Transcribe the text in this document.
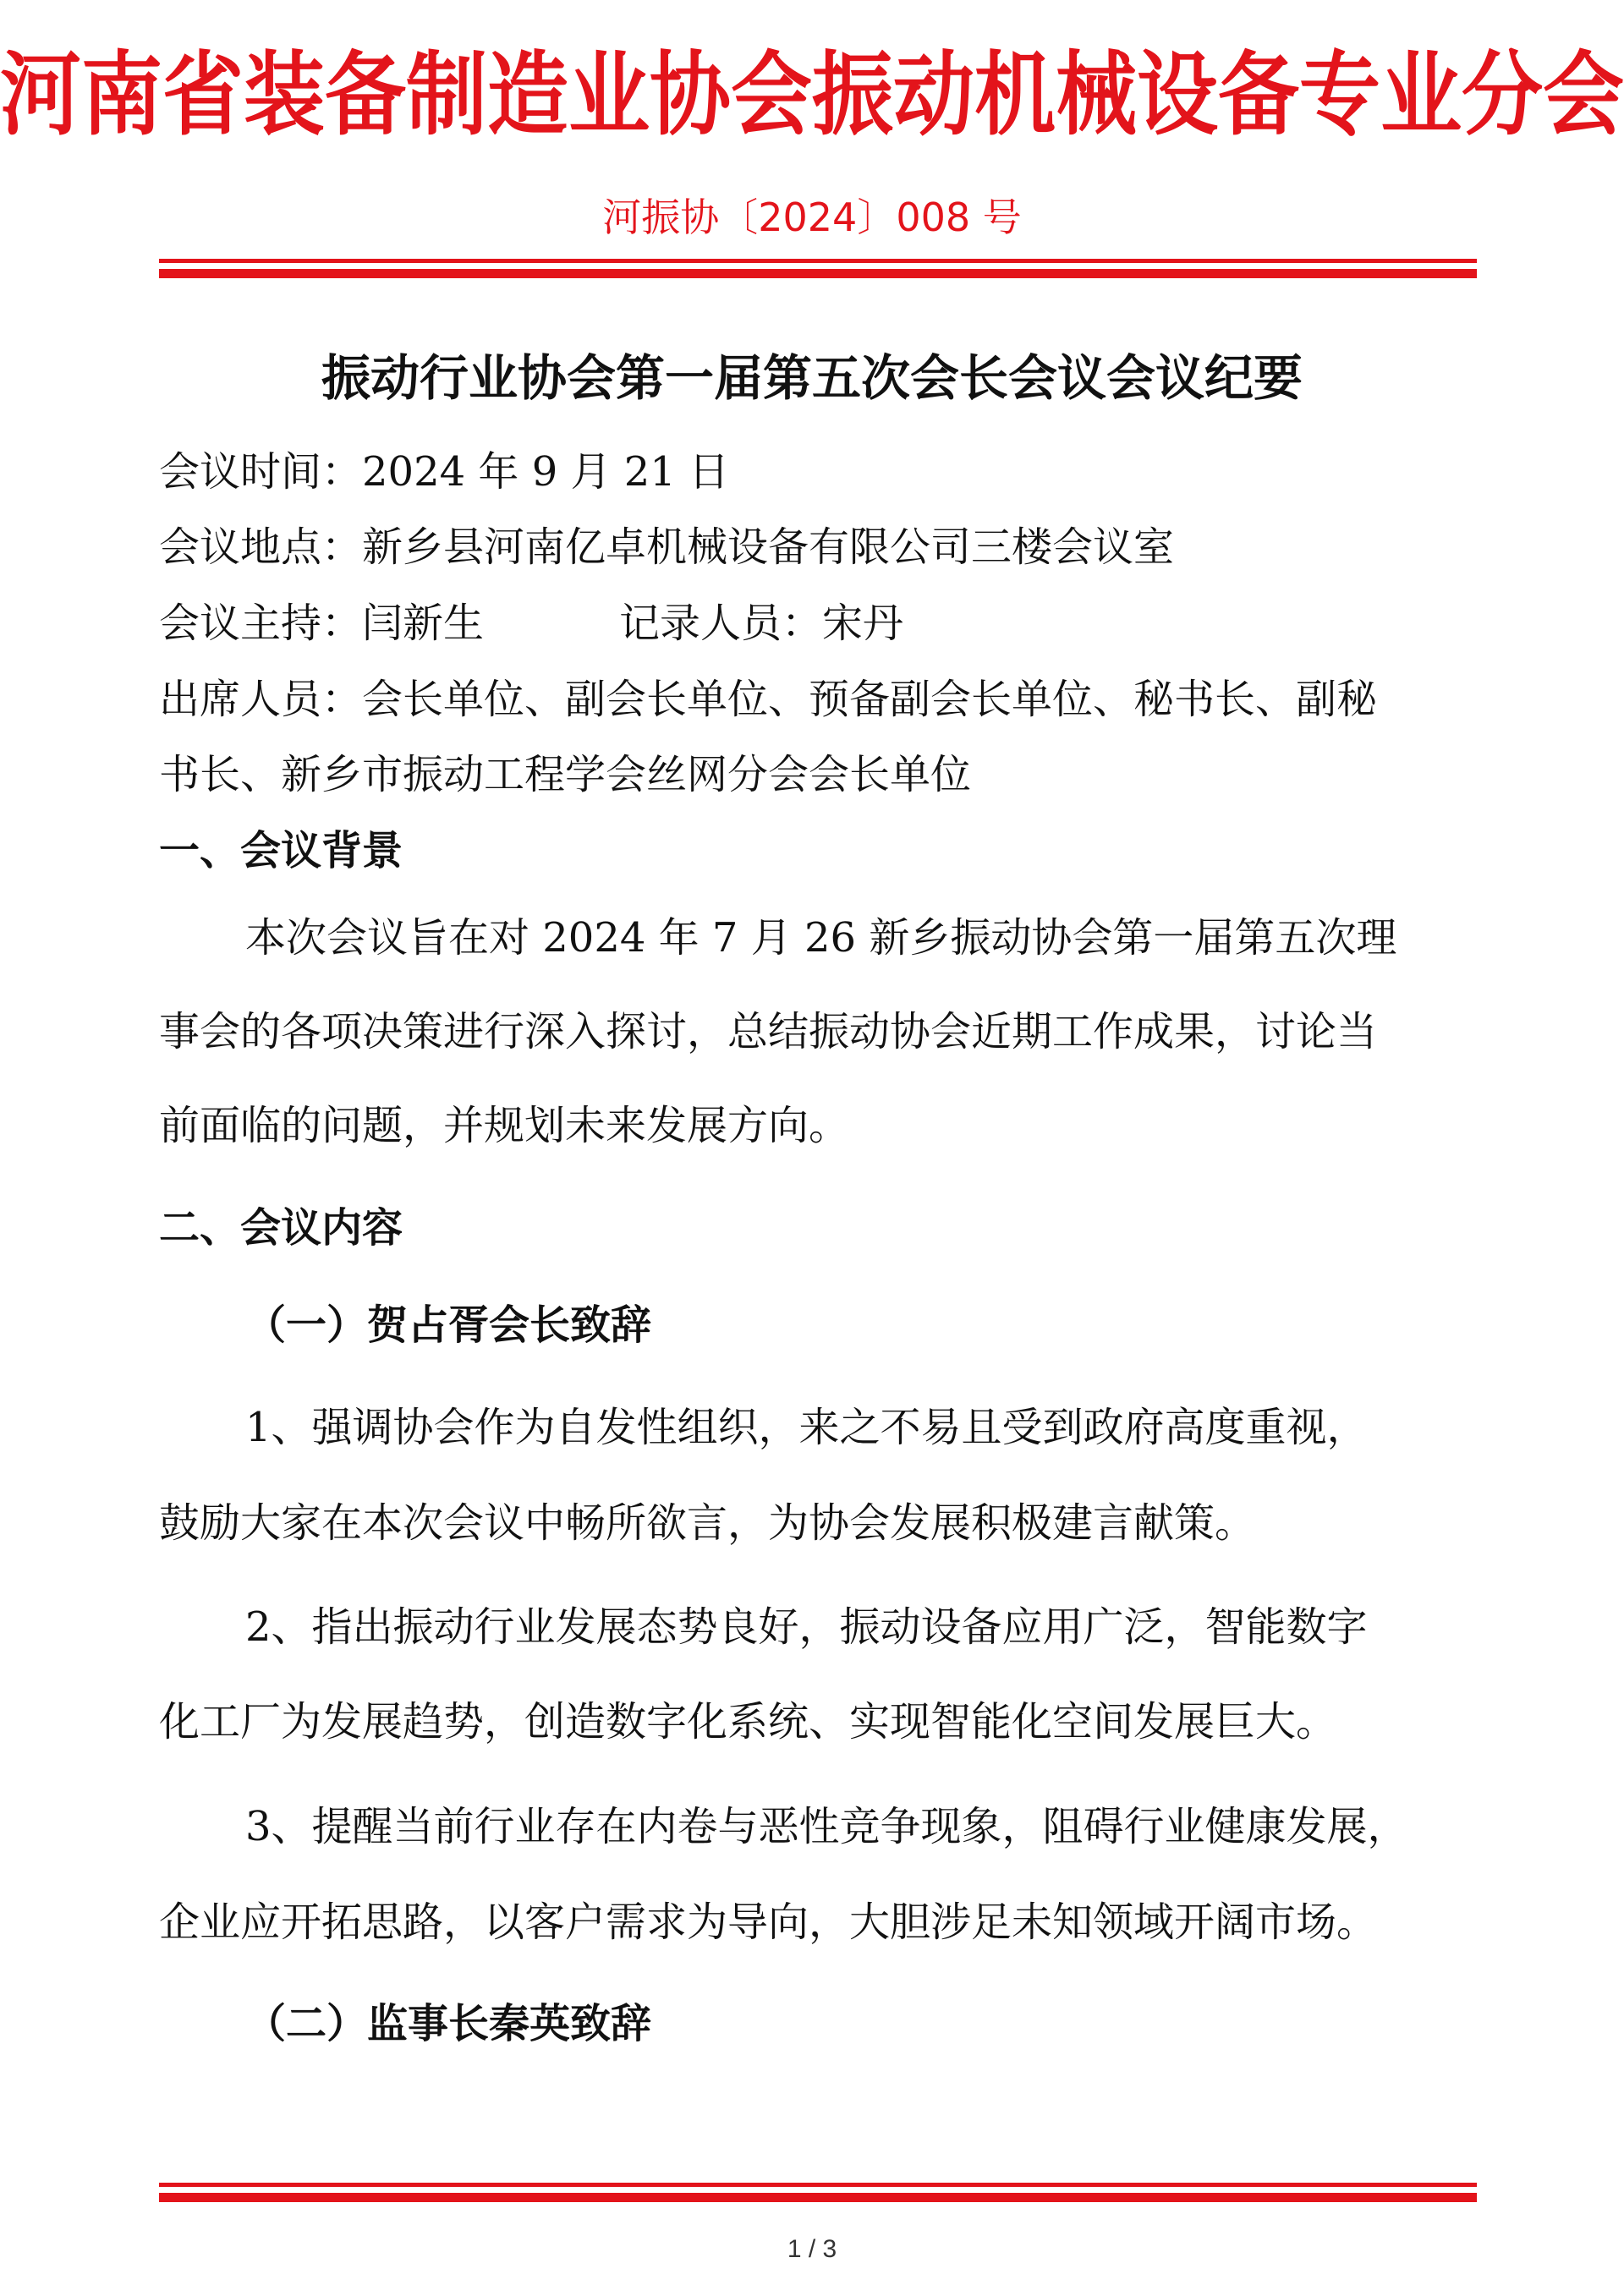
河南省装备制造业协会振动机械设备专业分会
河振协〔2024〕008 号
振动行业协会第一届第五次会长会议会议纪要
会议时间：2024 年 9 月 21 日
会议地点：新乡县河南亿卓机械设备有限公司三楼会议室
会议主持：闫新生	记录人员：宋丹
出席人员：会长单位、副会长单位、预备副会长单位、秘书长、副秘
书长、新乡市振动工程学会丝网分会会长单位
一、会议背景
本次会议旨在对 2024 年 7 月 26 新乡振动协会第一届第五次理
事会的各项决策进行深入探讨，总结振动协会近期工作成果，讨论当
前面临的问题，并规划未来发展方向。
二、会议内容
（一）贺占胥会长致辞
1、强调协会作为自发性组织，来之不易且受到政府高度重视，
鼓励大家在本次会议中畅所欲言，为协会发展积极建言献策。
2、指出振动行业发展态势良好，振动设备应用广泛，智能数字
化工厂为发展趋势，创造数字化系统、实现智能化空间发展巨大。
3、提醒当前行业存在内卷与恶性竞争现象，阻碍行业健康发展，
企业应开拓思路，以客户需求为导向，大胆涉足未知领域开阔市场。
（二）监事长秦英致辞
1 / 3
